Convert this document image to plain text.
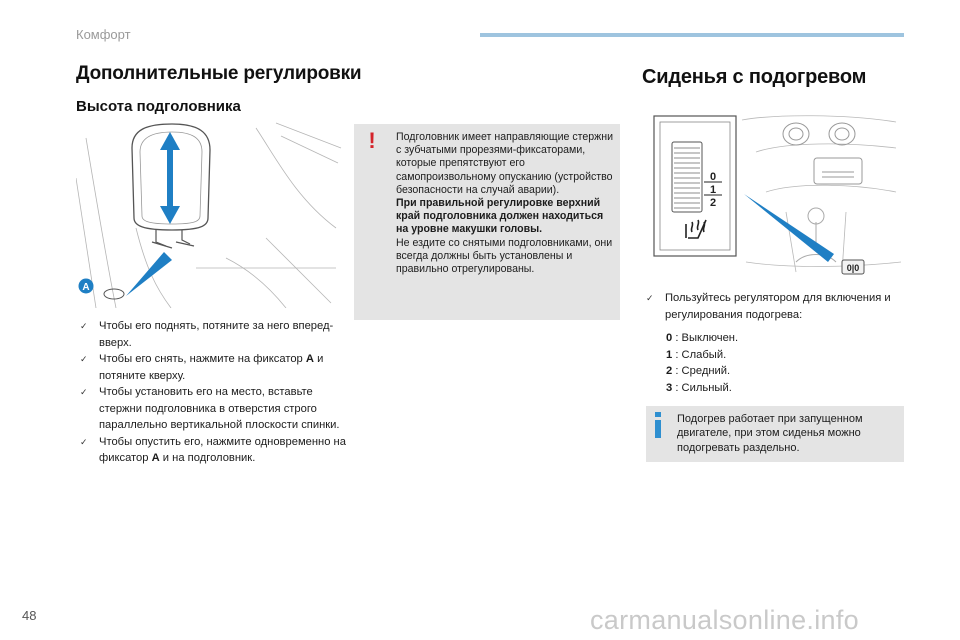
Комфорт
Дополнительные регулировки
Высота подголовника
A
! Подголовник имеет направляющие стержни с зубчатыми прорезями-фиксаторами, которые препятствуют его самопроизвольному опусканию (устройство безопасности на случай аварии).
При правильной регулировке верхний край подголовника должен находиться на уровне макушки головы.
Не ездите со снятыми подголовниками, они всегда должны быть установлены и правильно отрегулированы.
✓ Чтобы его поднять, потяните за него вперед-вверх.
✓ Чтобы его снять, нажмите на фиксатор A и потяните кверху.
✓ Чтобы установить его на место, вставьте стержни подголовника в отверстия строго параллельно вертикальной плоскости спинки.
✓ Чтобы опустить его, нажмите одновременно на фиксатор A и на подголовник.
Сиденья с подогревом
0|0
0
1
2
✓ Пользуйтесь регулятором для включения и регулирования подогрева:
0 : Выключен.
1 : Слабый.
2 : Средний.
3 : Сильный.
Подогрев работает при запущенном двигателе, при этом сиденья можно подогревать раздельно.
48	carmanualsonline.info
